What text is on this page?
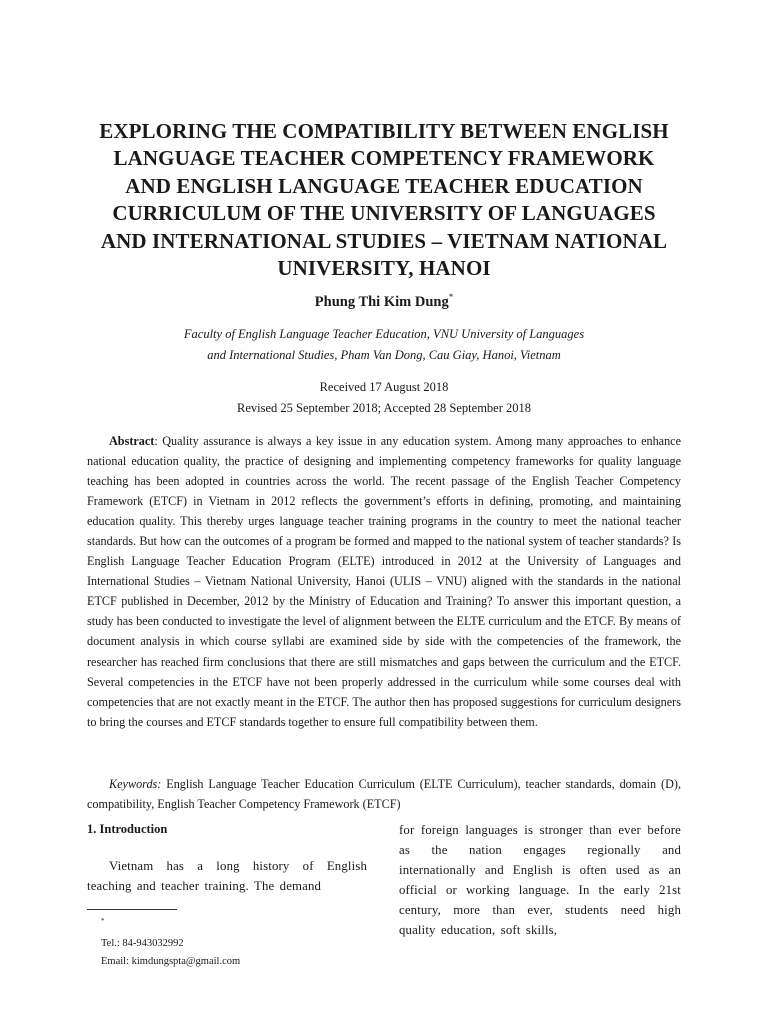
EXPLORING THE COMPATIBILITY BETWEEN ENGLISH
LANGUAGE TEACHER COMPETENCY FRAMEWORK
AND ENGLISH LANGUAGE TEACHER EDUCATION
CURRICULUM OF THE UNIVERSITY OF LANGUAGES
AND INTERNATIONAL STUDIES – VIETNAM NATIONAL
UNIVERSITY, HANOI
Phung Thi Kim Dung*
Faculty of English Language Teacher Education, VNU University of Languages
and International Studies, Pham Van Dong, Cau Giay, Hanoi, Vietnam
Received 17 August 2018
Revised 25 September 2018; Accepted 28 September 2018

Abstract: Quality assurance is always a key issue in any education system. Among many approaches to enhance national education quality, the practice of designing and implementing competency frameworks for quality language teaching has been adopted in countries across the world. The recent passage of the English Teacher Competency Framework (ETCF) in Vietnam in 2012 reflects the government’s efforts in defining, promoting, and maintaining education quality. This thereby urges language teacher training programs in the country to meet the national teacher standards. But how can the outcomes of a program be formed and mapped to the national system of teacher standards? Is English Language Teacher Education Program (ELTE) introduced in 2012 at the University of Languages and International Studies – Vietnam National University, Hanoi (ULIS – VNU) aligned with the standards in the national ETCF published in December, 2012 by the Ministry of Education and Training? To answer this important question, a study has been conducted to investigate the level of alignment between the ELTE curriculum and the ETCF. By means of document analysis in which course syllabi are examined side by side with the competencies of the framework, the researcher has reached firm conclusions that there are still mismatches and gaps between the curriculum and the ETCF. Several competencies in the ETCF have not been properly addressed in the curriculum while some courses deal with competencies that are not exactly meant in the ETCF. The author then has proposed suggestions for curriculum designers to bring the courses and ETCF standards together to ensure full compatibility between them.

Keywords: English Language Teacher Education Curriculum (ELTE Curriculum), teacher standards, domain (D), compatibility, English Teacher Competency Framework (ETCF)

1. Introduction

Vietnam has a long history of English teaching and teacher training. The demand

for foreign languages is stronger than ever before as the nation engages regionally and internationally and English is often used as an official or working language. In the early 21st century, more than ever, students need high quality education, soft skills,

*
Tel.: 84-943032992
Email: kimdungspta@gmail.com
